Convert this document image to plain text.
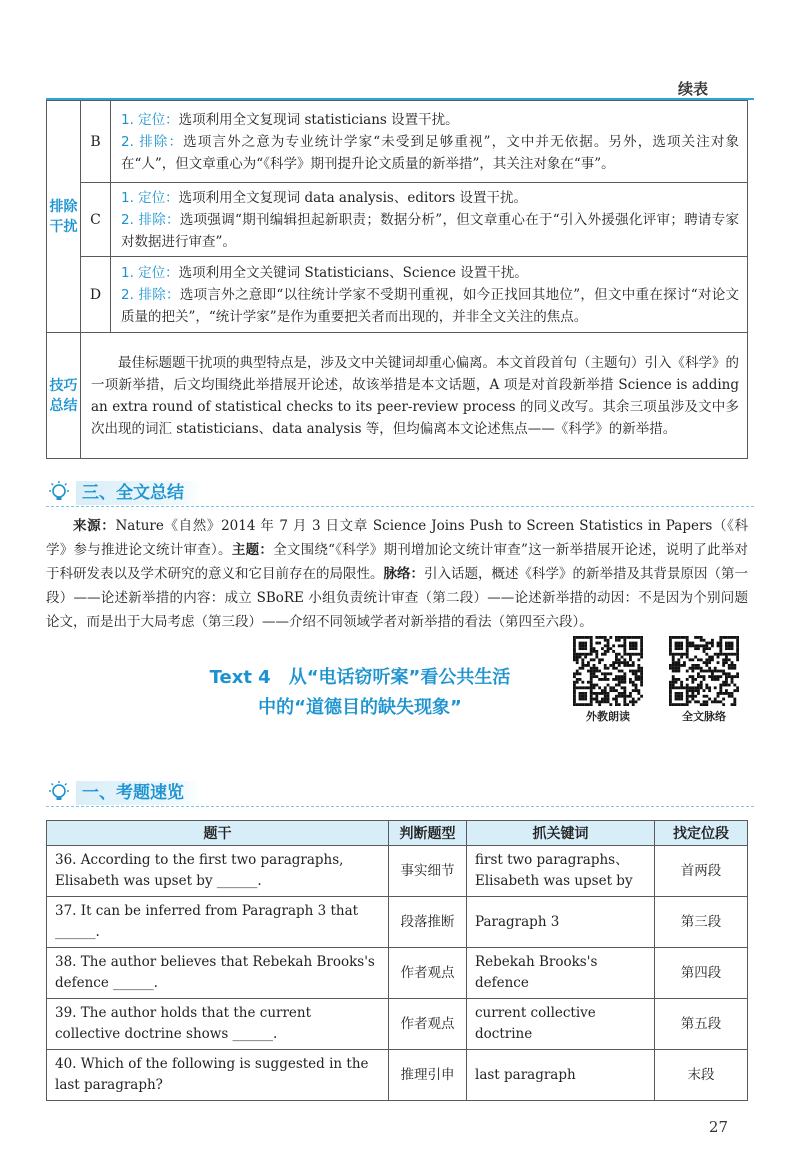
续表
排除干扰	B	1. 定位：选项利用全文复现词 statisticians 设置干扰。
2. 排除：选项言外之意为专业统计学家“未受到足够重视”，文中并无依据。另外，选项关注对象在“人”，但文章重心为“《科学》期刊提升论文质量的新举措”，其关注对象在“事”。
	C	1. 定位：选项利用全文复现词 data analysis、editors 设置干扰。
2. 排除：选项强调“期刊编辑担起新职责；数据分析”，但文章重心在于“引入外援强化评审；聘请专家对数据进行审查”。
	D	1. 定位：选项利用全文关键词 Statisticians、Science 设置干扰。
2. 排除：选项言外之意即“以往统计学家不受期刊重视，如今正找回其地位”，但文中重在探讨“对论文质量的把关”，“统计学家”是作为重要把关者而出现的，并非全文关注的焦点。
技巧总结	最佳标题题干扰项的典型特点是，涉及文中关键词却重心偏离。本文首段首句（主题句）引入《科学》的一项新举措，后文均围绕此举措展开论述，故该举措是本文话题，A 项是对首段新举措 Science is adding an extra round of statistical checks to its peer-review process 的同义改写。其余三项虽涉及文中多次出现的词汇 statisticians、data analysis 等，但均偏离本文论述焦点——《科学》的新举措。	
三、全文总结
来源：Nature《自然》2014 年 7 月 3 日文章 Science Joins Push to Screen Statistics in Papers（《科学》参与推进论文统计审查）。主题：全文围绕“《科学》期刊增加论文统计审查”这一新举措展开论述，说明了此举对于科研发表以及学术研究的意义和它目前存在的局限性。脉络：引入话题，概述《科学》的新举措及其背景原因（第一段）——论述新举措的内容：成立 SBoRE 小组负责统计审查（第二段）——论述新举措的动因：不是因为个别问题论文，而是出于大局考虑（第三段）——介绍不同领域学者对新举措的看法（第四至六段）。
Text 4　从“电话窃听案”看公共生活
中的“道德目的缺失现象”	外教朗读	全文脉络
一、考题速览
题干	判断题型	抓关键词	找定位段
36. According to the first two paragraphs, Elisabeth was upset by ______.	事实细节	first two paragraphs、Elisabeth was upset by	首两段
37. It can be inferred from Paragraph 3 that ______.	段落推断	Paragraph 3	第三段
38. The author believes that Rebekah Brooks's defence ______.	作者观点	Rebekah Brooks's defence	第四段
39. The author holds that the current collective doctrine shows ______.	作者观点	current collective doctrine	第五段
40. Which of the following is suggested in the last paragraph?	推理引申	last paragraph	末段
27
